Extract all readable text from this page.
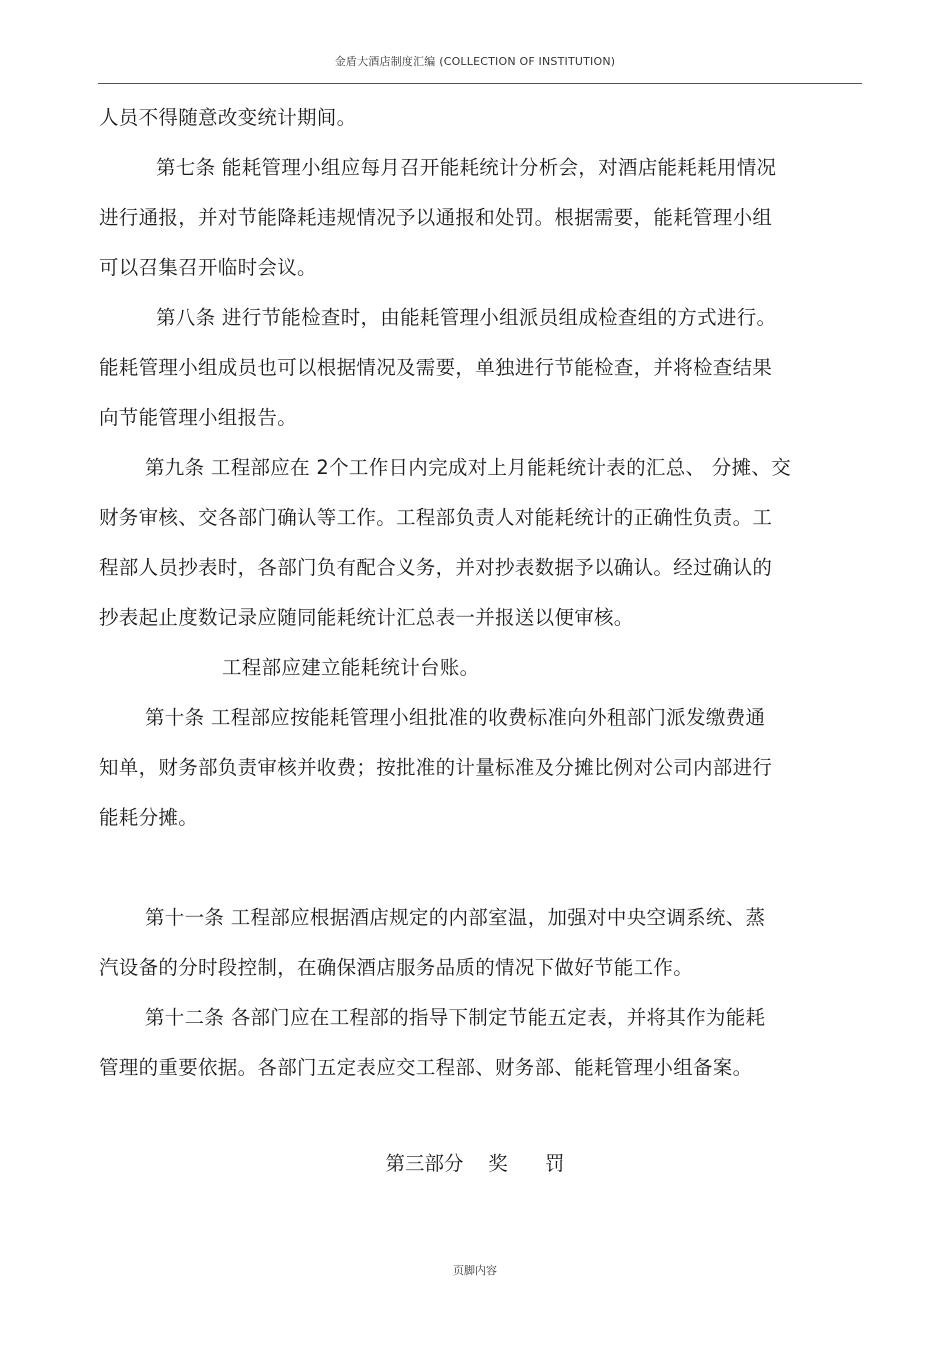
金盾大酒店制度汇编 (COLLECTION OF INSTITUTION)
人员不得随意改变统计期间。
第七条 能耗管理小组应每月召开能耗统计分析会，对酒店能耗耗用情况
进行通报，并对节能降耗违规情况予以通报和处罚。根据需要，能耗管理小组
可以召集召开临时会议。
第八条 进行节能检查时，由能耗管理小组派员组成检查组的方式进行。
能耗管理小组成员也可以根据情况及需要，单独进行节能检查，并将检查结果
向节能管理小组报告。
第九条 工程部应在 2个工作日内完成对上月能耗统计表的汇总、 分摊、交
财务审核、交各部门确认等工作。工程部负责人对能耗统计的正确性负责。工
程部人员抄表时，各部门负有配合义务，并对抄表数据予以确认。经过确认的
抄表起止度数记录应随同能耗统计汇总表一并报送以便审核。
工程部应建立能耗统计台账。
第十条 工程部应按能耗管理小组批准的收费标准向外租部门派发缴费通
知单，财务部负责审核并收费；按批准的计量标准及分摊比例对公司内部进行
能耗分摊。
第十一条 工程部应根据酒店规定的内部室温，加强对中央空调系统、蒸
汽设备的分时段控制，在确保酒店服务品质的情况下做好节能工作。
第十二条 各部门应在工程部的指导下制定节能五定表，并将其作为能耗
管理的重要依据。各部门五定表应交工程部、财务部、能耗管理小组备案。
第三部分    奖      罚
页脚内容
